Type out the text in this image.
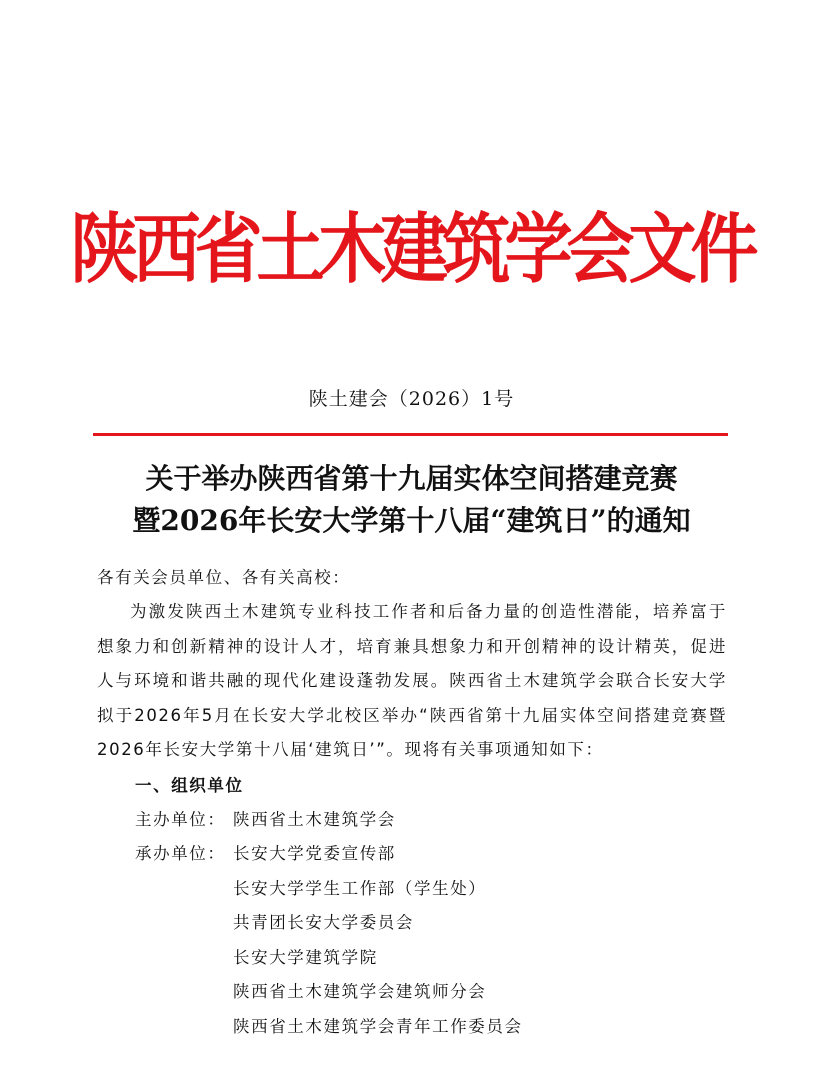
陕西省土木建筑学会文件
陕土建会（2026）1号
关于举办陕西省第十九届实体空间搭建竞赛
暨2026年长安大学第十八届“建筑日”的通知
各有关会员单位、各有关高校：
为激发陕西土木建筑专业科技工作者和后备力量的创造性潜能，培养富于想象力和创新精神的设计人才，培育兼具想象力和开创精神的设计精英，促进人与环境和谐共融的现代化建设蓬勃发展。陕西省土木建筑学会联合长安大学拟于2026年5月在长安大学北校区举办“陕西省第十九届实体空间搭建竞赛暨2026年长安大学第十八届‘建筑日’”。现将有关事项通知如下：
一、组织单位
主办单位： 陕西省土木建筑学会
承办单位： 长安大学党委宣传部
长安大学学生工作部（学生处）
共青团长安大学委员会
长安大学建筑学院
陕西省土木建筑学会建筑师分会
陕西省土木建筑学会青年工作委员会
